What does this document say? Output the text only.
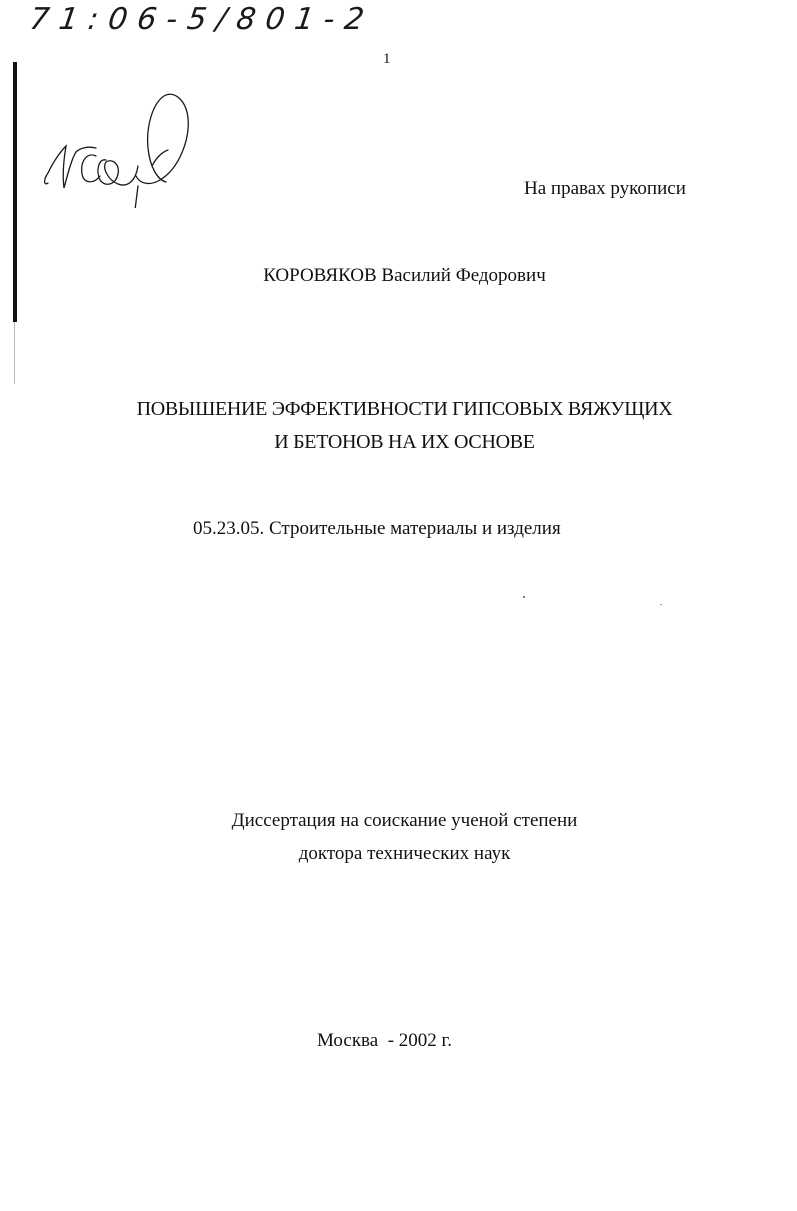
71:06-5/801-2
1
На правах рукописи
КОРОВЯКОВ Василий Федорович
ПОВЫШЕНИЕ ЭФФЕКТИВНОСТИ ГИПСОВЫХ ВЯЖУЩИХ
И БЕТОНОВ НА ИХ ОСНОВЕ
05.23.05. Строительные материалы и изделия
Диссертация на соискание ученой степени
доктора технических наук
Москва  - 2002 г.
